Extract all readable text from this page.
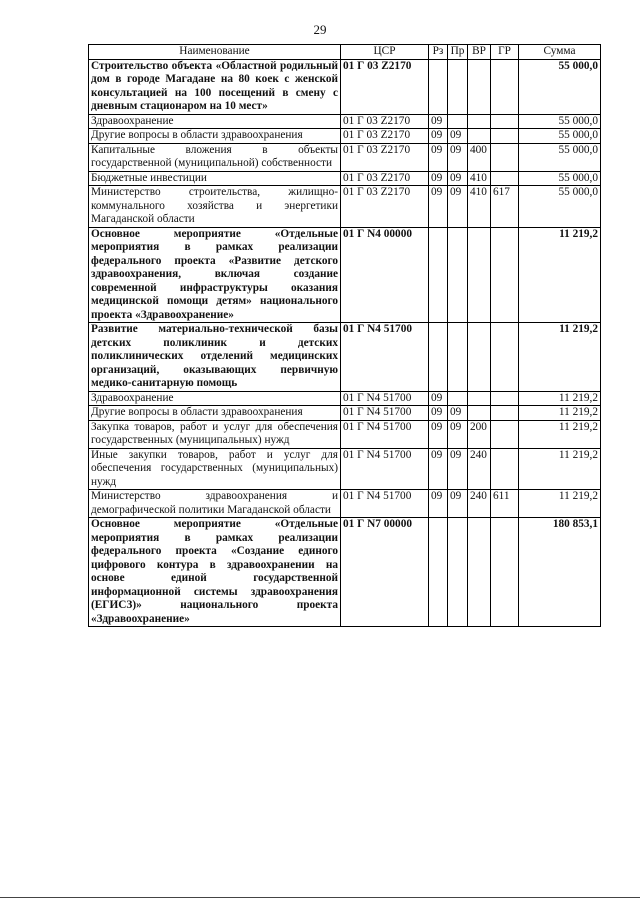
29
Наименование	ЦСР	Рз	Пр	ВР	ГР	Сумма
Строительство объекта «Областной родильный дом в городе Магадане на 80 коек с женской консультацией на 100 посещений в смену с дневным стационаром на 10 мест»	01 Г 03 Z2170					55 000,0
Здравоохранение	01 Г 03 Z2170	09				55 000,0
Другие вопросы в области здравоохранения	01 Г 03 Z2170	09	09			55 000,0
Капитальные вложения в объекты государственной (муниципальной) собственности	01 Г 03 Z2170	09	09	400		55 000,0
Бюджетные инвестиции	01 Г 03 Z2170	09	09	410		55 000,0
Министерство строительства, жилищно-коммунального хозяйства и энергетики Магаданской области	01 Г 03 Z2170	09	09	410	617	55 000,0
Основное мероприятие «Отдельные мероприятия в рамках реализации федерального проекта «Развитие детского здравоохранения, включая создание современной инфраструктуры оказания медицинской помощи детям» национального проекта «Здравоохранение»	01 Г N4 00000					11 219,2
Развитие материально-технической базы детских поликлиник и детских поликлинических отделений медицинских организаций, оказывающих первичную медико-санитарную помощь	01 Г N4 51700					11 219,2
Здравоохранение	01 Г N4 51700	09				11 219,2
Другие вопросы в области здравоохранения	01 Г N4 51700	09	09			11 219,2
Закупка товаров, работ и услуг для обеспечения государственных (муниципальных) нужд	01 Г N4 51700	09	09	200		11 219,2
Иные закупки товаров, работ и услуг для обеспечения государственных (муниципальных) нужд	01 Г N4 51700	09	09	240		11 219,2
Министерство здравоохранения и демографической политики Магаданской области	01 Г N4 51700	09	09	240	611	11 219,2
Основное мероприятие «Отдельные мероприятия в рамках реализации федерального проекта «Создание единого цифрового контура в здравоохранении на основе единой государственной информационной системы здравоохранения (ЕГИСЗ)» национального проекта «Здравоохранение»	01 Г N7 00000					180 853,1
